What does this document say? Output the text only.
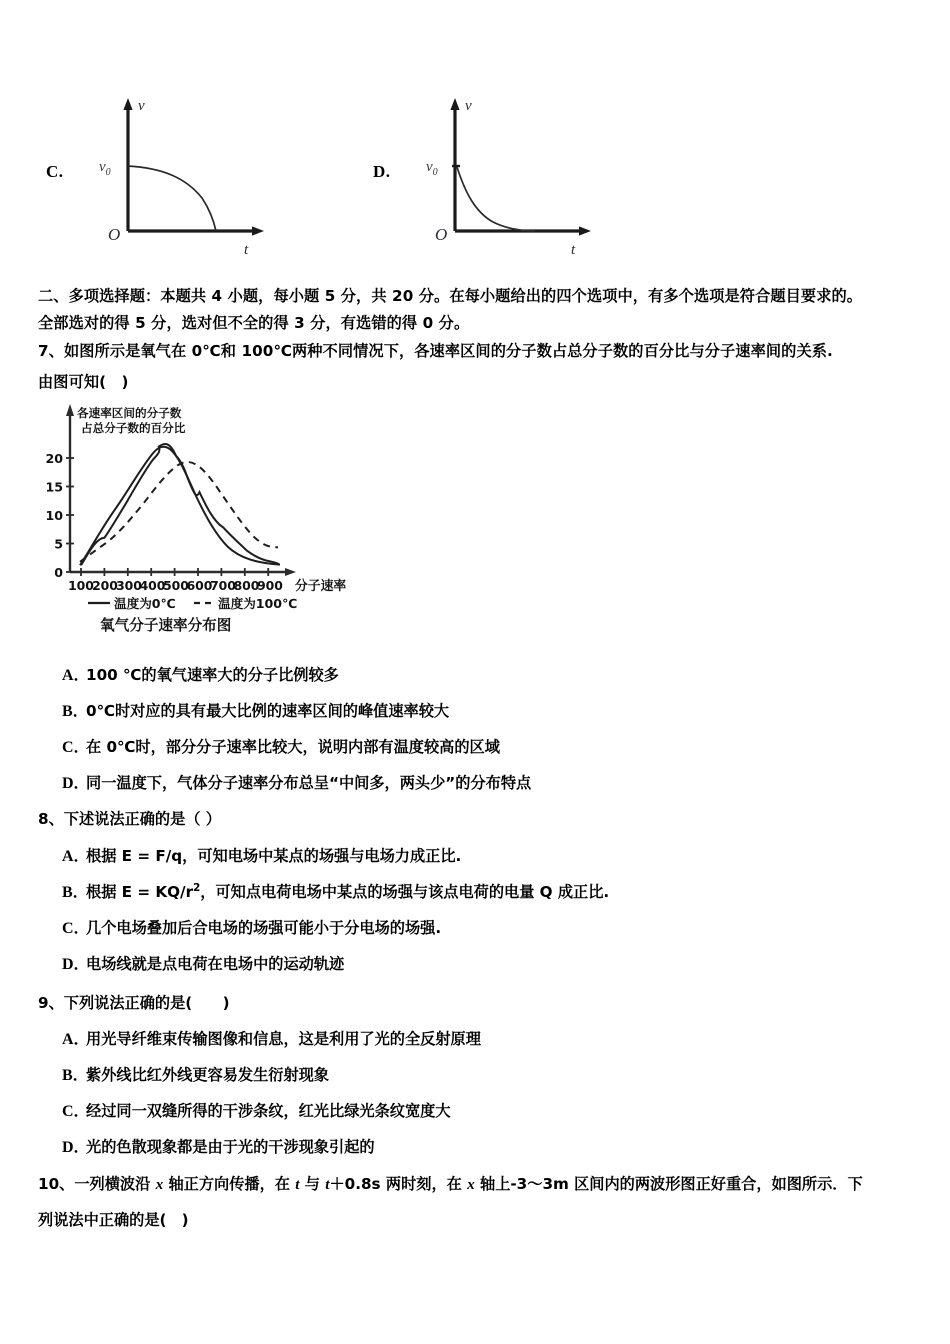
C.
v
t
O
$v_0$	D.
v
t
O
$v_0$
二、多项选择题：本题共 4 小题，每小题 5 分，共 20 分。在每小题给出的四个选项中，有多个选项是符合题目要求的。
全部选对的得 5 分，选对但不全的得 3 分，有选错的得 0 分。
7、如图所示是氧气在 0℃和 100℃两种不同情况下，各速率区间的分子数占总分子数的百分比与分子速率间的关系.
由图可知(　)
各速率区间的分子数
占总分子数的百分比
0
5
10
15
20
100
200
300
400
500
600
700
800
900 分子速率
温度为0℃	温度为100℃
氧气分子速率分布图
A．100 ℃的氧气速率大的分子比例较多
B．0℃时对应的具有最大比例的速率区间的峰值速率较大
C．在 0℃时，部分分子速率比较大，说明内部有温度较高的区域
D．同一温度下，气体分子速率分布总呈“中间多，两头少”的分布特点
8、下述说法正确的是（ ）
A．根据 E = F/q，可知电场中某点的场强与电场力成正比.
B．根据 $E = KQ/r^2$，可知点电荷电场中某点的场强与该点电荷的电量 Q 成正比.
C．几个电场叠加后合电场的场强可能小于分电场的场强.
D．电场线就是点电荷在电场中的运动轨迹
9、下列说法正确的是(　　)
A．用光导纤维束传输图像和信息，这是利用了光的全反射原理
B．紫外线比红外线更容易发生衍射现象
C．经过同一双缝所得的干涉条纹，红光比绿光条纹宽度大
D．光的色散现象都是由于光的干涉现象引起的
10、一列横波沿 x 轴正方向传播，在 t 与 t＋0.8s 两时刻，在 x 轴上-3～3m 区间内的两波形图正好重合，如图所示．下
列说法中正确的是(　)
